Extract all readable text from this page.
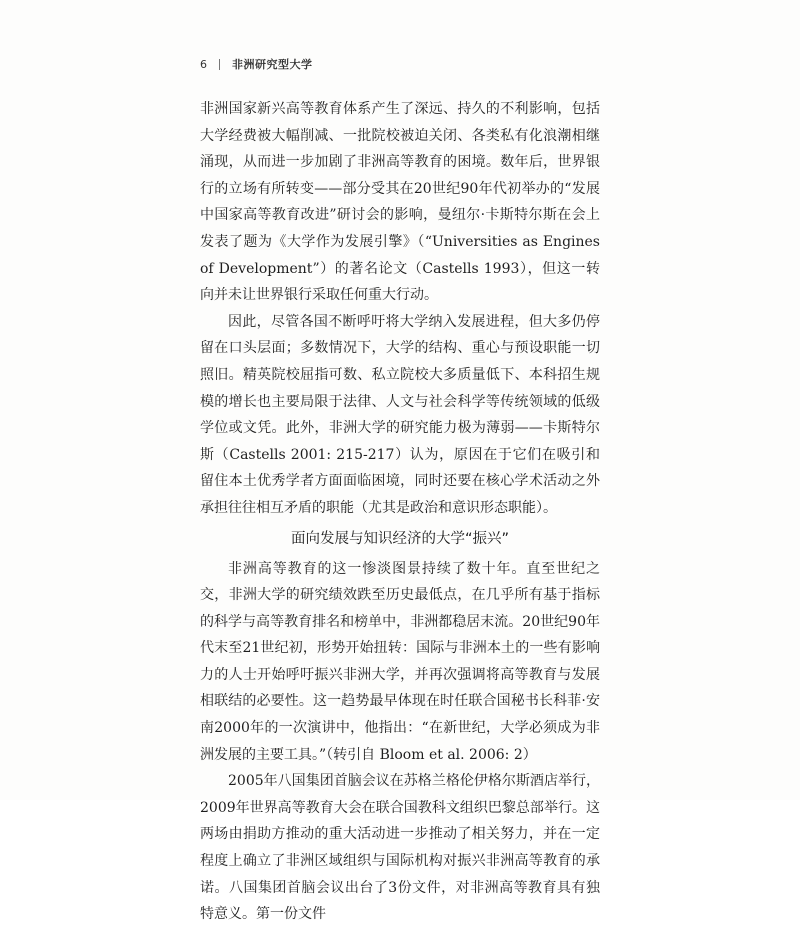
6 非洲研究型大学

非洲国家新兴高等教育体系产生了深远、持久的不利影响，包括大学经费被大幅削减、一批院校被迫关闭、各类私有化浪潮相继涌现，从而进一步加剧了非洲高等教育的困境。数年后，世界银行的立场有所转变——部分受其在20世纪90年代初举办的“发展中国家高等教育改进”研讨会的影响，曼纽尔·卡斯特尔斯在会上发表了题为《大学作为发展引擎》（“Universities as Engines of Development”）的著名论文（Castells 1993），但这一转向并未让世界银行采取任何重大行动。

因此，尽管各国不断呼吁将大学纳入发展进程，但大多仍停留在口头层面；多数情况下，大学的结构、重心与预设职能一切照旧。精英院校屈指可数、私立院校大多质量低下、本科招生规模的增长也主要局限于法律、人文与社会科学等传统领域的低级学位或文凭。此外，非洲大学的研究能力极为薄弱——卡斯特尔斯（Castells 2001: 215-217）认为，原因在于它们在吸引和留住本土优秀学者方面面临困境，同时还要在核心学术活动之外承担往往相互矛盾的职能（尤其是政治和意识形态职能）。

面向发展与知识经济的大学“振兴”

非洲高等教育的这一惨淡图景持续了数十年。直至世纪之交，非洲大学的研究绩效跌至历史最低点，在几乎所有基于指标的科学与高等教育排名和榜单中，非洲都稳居末流。20世纪90年代末至21世纪初，形势开始扭转：国际与非洲本土的一些有影响力的人士开始呼吁振兴非洲大学，并再次强调将高等教育与发展相联结的必要性。这一趋势最早体现在时任联合国秘书长科菲·安南2000年的一次演讲中，他指出：“在新世纪，大学必须成为非洲发展的主要工具。”（转引自 Bloom et al. 2006: 2）

2005年八国集团首脑会议在苏格兰格伦伊格尔斯酒店举行，2009年世界高等教育大会在联合国教科文组织巴黎总部举行。这两场由捐助方推动的重大活动进一步推动了相关努力，并在一定程度上确立了非洲区域组织与国际机构对振兴非洲高等教育的承诺。八国集团首脑会议出台了3份文件，对非洲高等教育具有独特意义。第一份文件
